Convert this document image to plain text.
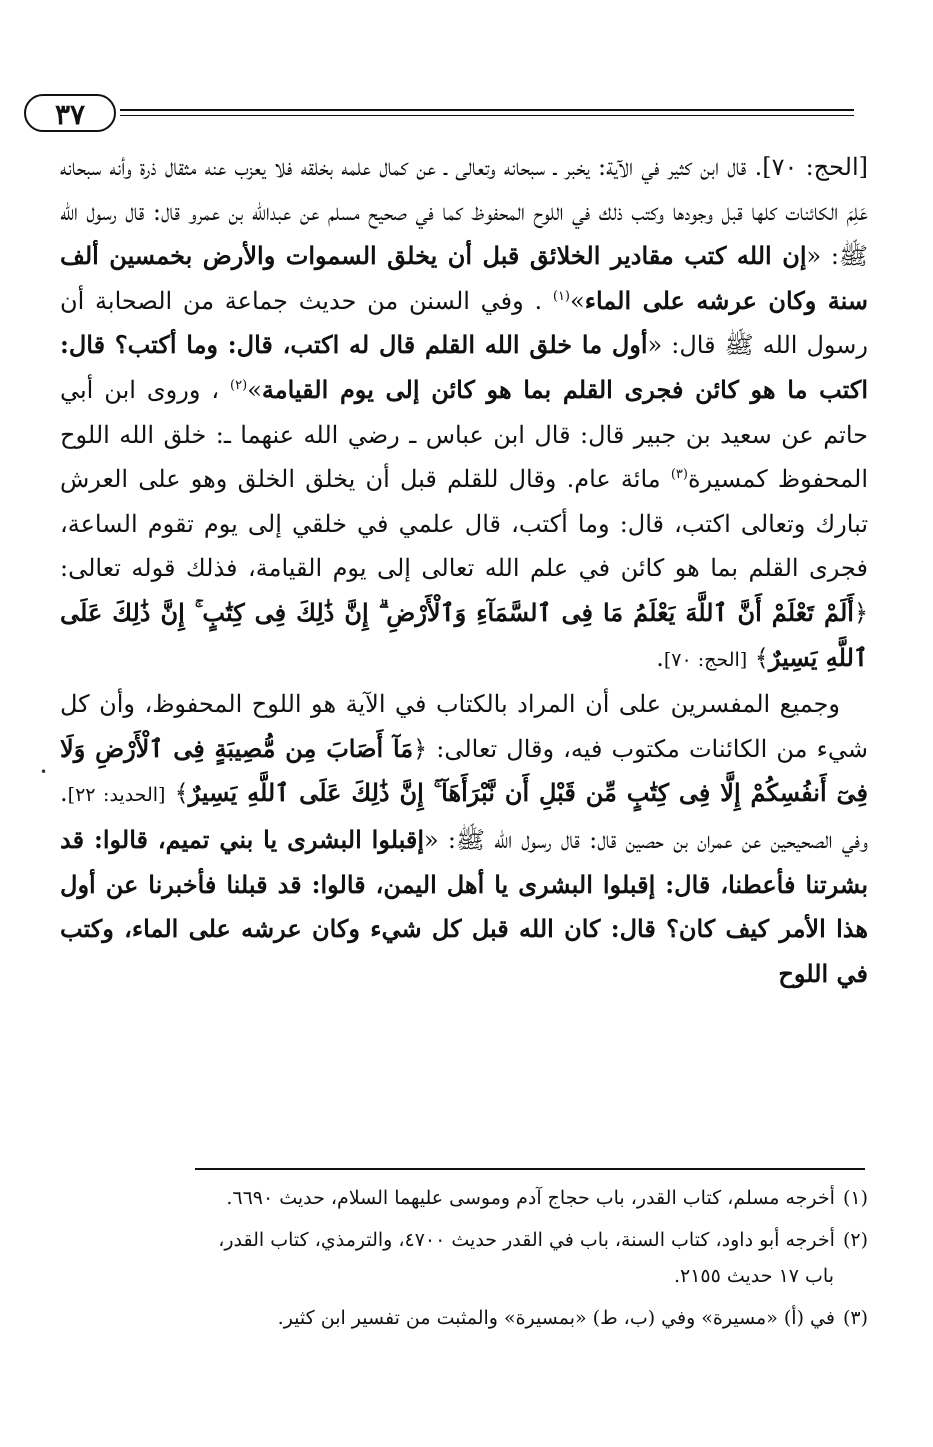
٣٧

[الحج: ٧٠]. قال ابن كثير في الآية: يخبر ـ سبحانه وتعالى ـ عن كمال علمه بخلقه فلا يعزب عنه مثقال ذرة وأنه سبحانه عَلِمَ الكائنات كلها قبل وجودها وكتب ذلك في اللوح المحفوظ كما في صحيح مسلم عن عبدالله بن عمرو قال: قال رسول الله ﷺ: «إن الله كتب مقادير الخلائق قبل أن يخلق السموات والأرض بخمسين ألف سنة وكان عرشه على الماء»$^{(١)}$ . وفي السنن من حديث جماعة من الصحابة أن رسول الله ﷺ قال: «أول ما خلق الله القلم قال له اكتب، قال: وما أكتب؟ قال: اكتب ما هو كائن فجرى القلم بما هو كائن إلى يوم القيامة»$^{(٢)}$ ، وروى ابن أبي حاتم عن سعيد بن جبير قال: قال ابن عباس ـ رضي الله عنهما ـ: خلق الله اللوح المحفوظ كمسيرة$^{(٣)}$ مائة عام. وقال للقلم قبل أن يخلق الخلق وهو على العرش تبارك وتعالى اكتب، قال: وما أكتب، قال علمي في خلقي إلى يوم تقوم الساعة، فجرى القلم بما هو كائن في علم الله تعالى إلى يوم القيامة، فذلك قوله تعالى: ﴿أَلَمْ تَعْلَمْ أَنَّ ٱللَّهَ يَعْلَمُ مَا فِى ٱلسَّمَآءِ وَٱلْأَرْضِ ۗ إِنَّ ذَٰلِكَ فِى كِتَٰبٍ ۚ إِنَّ ذَٰلِكَ عَلَى ٱللَّهِ يَسِيرٌ﴾ [الحج: ٧٠].

وجميع المفسرين على أن المراد بالكتاب في الآية هو اللوح المحفوظ، وأن كل شيء من الكائنات مكتوب فيه، وقال تعالى: ﴿مَآ أَصَابَ مِن مُّصِيبَةٍ فِى ٱلْأَرْضِ وَلَا فِىٓ أَنفُسِكُمْ إِلَّا فِى كِتَٰبٍ مِّن قَبْلِ أَن نَّبْرَأَهَآ ۚ إِنَّ ذَٰلِكَ عَلَى ٱللَّهِ يَسِيرٌ﴾ [الحديد: ٢٢]. وفي الصحيحين عن عمران بن حصين قال: قال رسول الله ﷺ: «إقبلوا البشرى يا بني تميم، قالوا: قد بشرتنا فأعطنا، قال: إقبلوا البشرى يا أهل اليمن، قالوا: قد قبلنا فأخبرنا عن أول هذا الأمر كيف كان؟ قال: كان الله قبل كل شيء وكان عرشه على الماء، وكتب في اللوح

•
(١)أخرجه مسلم، كتاب القدر، باب حجاج آدم وموسى عليهما السلام، حديث ٦٦٩٠.
(٢)أخرجه أبو داود، كتاب السنة، باب في القدر حديث ٤٧٠٠، والترمذي، كتاب القدر،
باب ١٧ حديث ٢١٥٥.
(٣)في (أ) «مسيرة» وفي (ب، ط) «بمسيرة» والمثبت من تفسير ابن كثير.
